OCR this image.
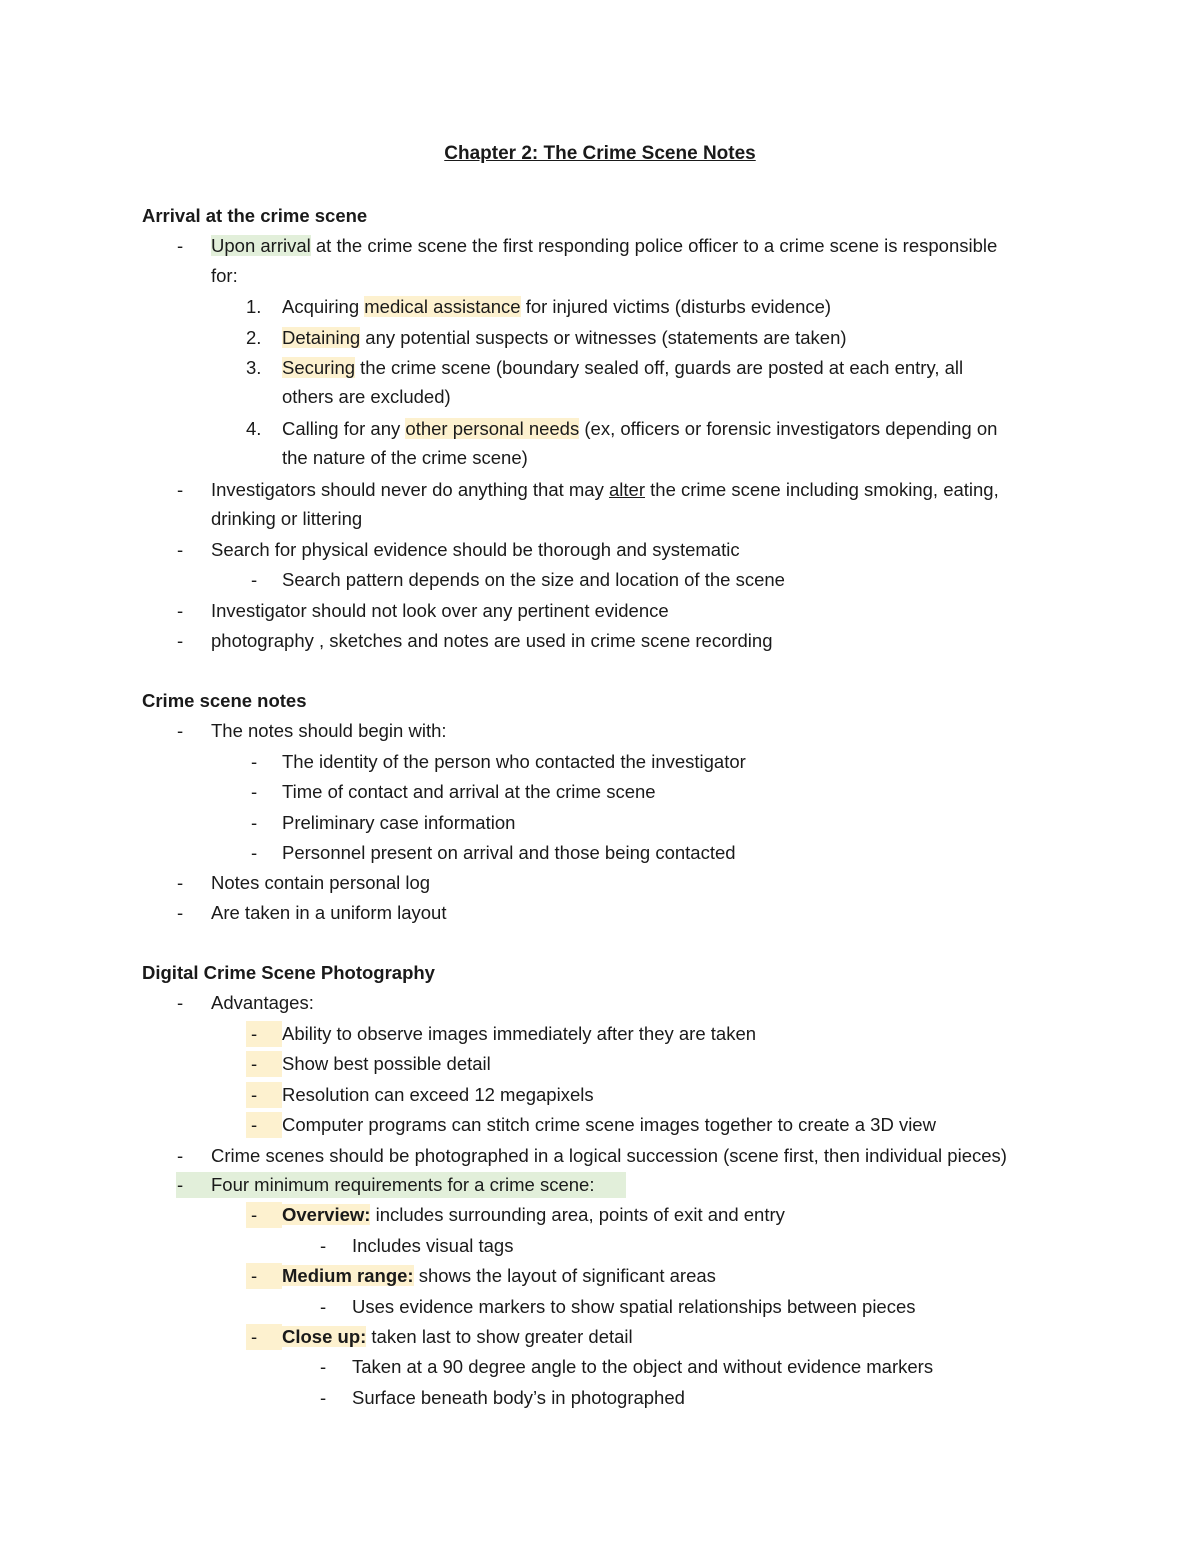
Chapter 2: The Crime Scene Notes
Arrival at the crime scene
- Upon arrival at the crime scene the first responding police officer to a crime scene is responsible
for:
1. Acquiring medical assistance for injured victims (disturbs evidence)
2. Detaining any potential suspects or witnesses (statements are taken)
3. Securing the crime scene (boundary sealed off, guards are posted at each entry, all
others are excluded)
4. Calling for any other personal needs (ex, officers or forensic investigators depending on
the nature of the crime scene)
- Investigators should never do anything that may alter the crime scene including smoking, eating,
drinking or littering
- Search for physical evidence should be thorough and systematic
- Search pattern depends on the size and location of the scene
- Investigator should not look over any pertinent evidence
- photography , sketches and notes are used in crime scene recording
Crime scene notes
- The notes should begin with:
- The identity of the person who contacted the investigator
- Time of contact and arrival at the crime scene
- Preliminary case information
- Personnel present on arrival and those being contacted
- Notes contain personal log
- Are taken in a uniform layout
Digital Crime Scene Photography
- Advantages:
-	Ability to observe images immediately after they are taken
-	Show best possible detail
-	Resolution can exceed 12 megapixels
-	Computer programs can stitch crime scene images together to create a 3D view
- Crime scenes should be photographed in a logical succession (scene first, then individual pieces)
- Four minimum requirements for a crime scene:
-	Overview: includes surrounding area, points of exit and entry
- Includes visual tags
-	Medium range: shows the layout of significant areas
- Uses evidence markers to show spatial relationships between pieces
-	Close up: taken last to show greater detail
- Taken at a 90 degree angle to the object and without evidence markers
- Surface beneath body’s in photographed
